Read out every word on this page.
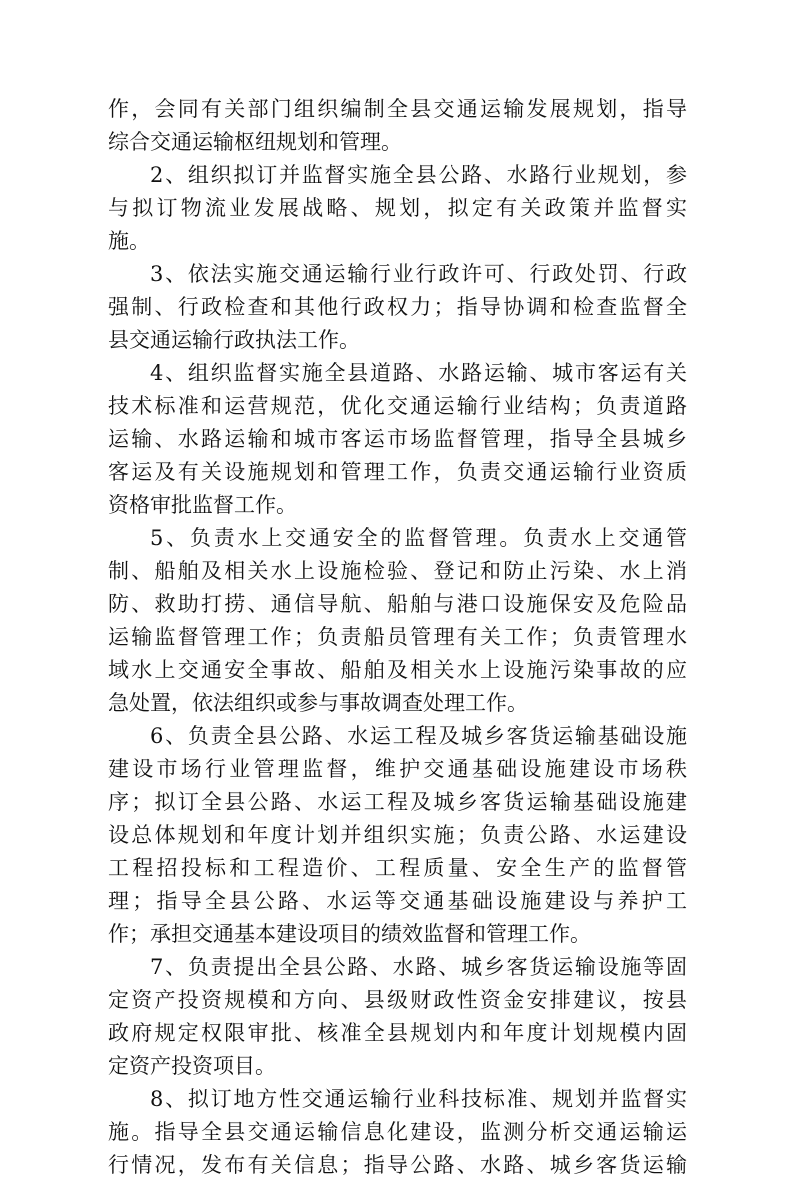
作，会同有关部门组织编制全县交通运输发展规划，指导
综合交通运输枢纽规划和管理。
2、组织拟订并监督实施全县公路、水路行业规划，参
与拟订物流业发展战略、规划，拟定有关政策并监督实
施。
3、依法实施交通运输行业行政许可、行政处罚、行政
强制、行政检查和其他行政权力；指导协调和检查监督全
县交通运输行政执法工作。
4、组织监督实施全县道路、水路运输、城市客运有关
技术标准和运营规范，优化交通运输行业结构；负责道路
运输、水路运输和城市客运市场监督管理，指导全县城乡
客运及有关设施规划和管理工作，负责交通运输行业资质
资格审批监督工作。
5、负责水上交通安全的监督管理。负责水上交通管
制、船舶及相关水上设施检验、登记和防止污染、水上消
防、救助打捞、通信导航、船舶与港口设施保安及危险品
运输监督管理工作；负责船员管理有关工作；负责管理水
域水上交通安全事故、船舶及相关水上设施污染事故的应
急处置，依法组织或参与事故调查处理工作。
6、负责全县公路、水运工程及城乡客货运输基础设施
建设市场行业管理监督，维护交通基础设施建设市场秩
序；拟订全县公路、水运工程及城乡客货运输基础设施建
设总体规划和年度计划并组织实施；负责公路、水运建设
工程招投标和工程造价、工程质量、安全生产的监督管
理；指导全县公路、水运等交通基础设施建设与养护工
作；承担交通基本建设项目的绩效监督和管理工作。
7、负责提出全县公路、水路、城乡客货运输设施等固
定资产投资规模和方向、县级财政性资金安排建议，按县
政府规定权限审批、核准全县规划内和年度计划规模内固
定资产投资项目。
8、拟订地方性交通运输行业科技标准、规划并监督实
施。指导全县交通运输信息化建设，监测分析交通运输运
行情况，发布有关信息；指导公路、水路、城乡客货运输
